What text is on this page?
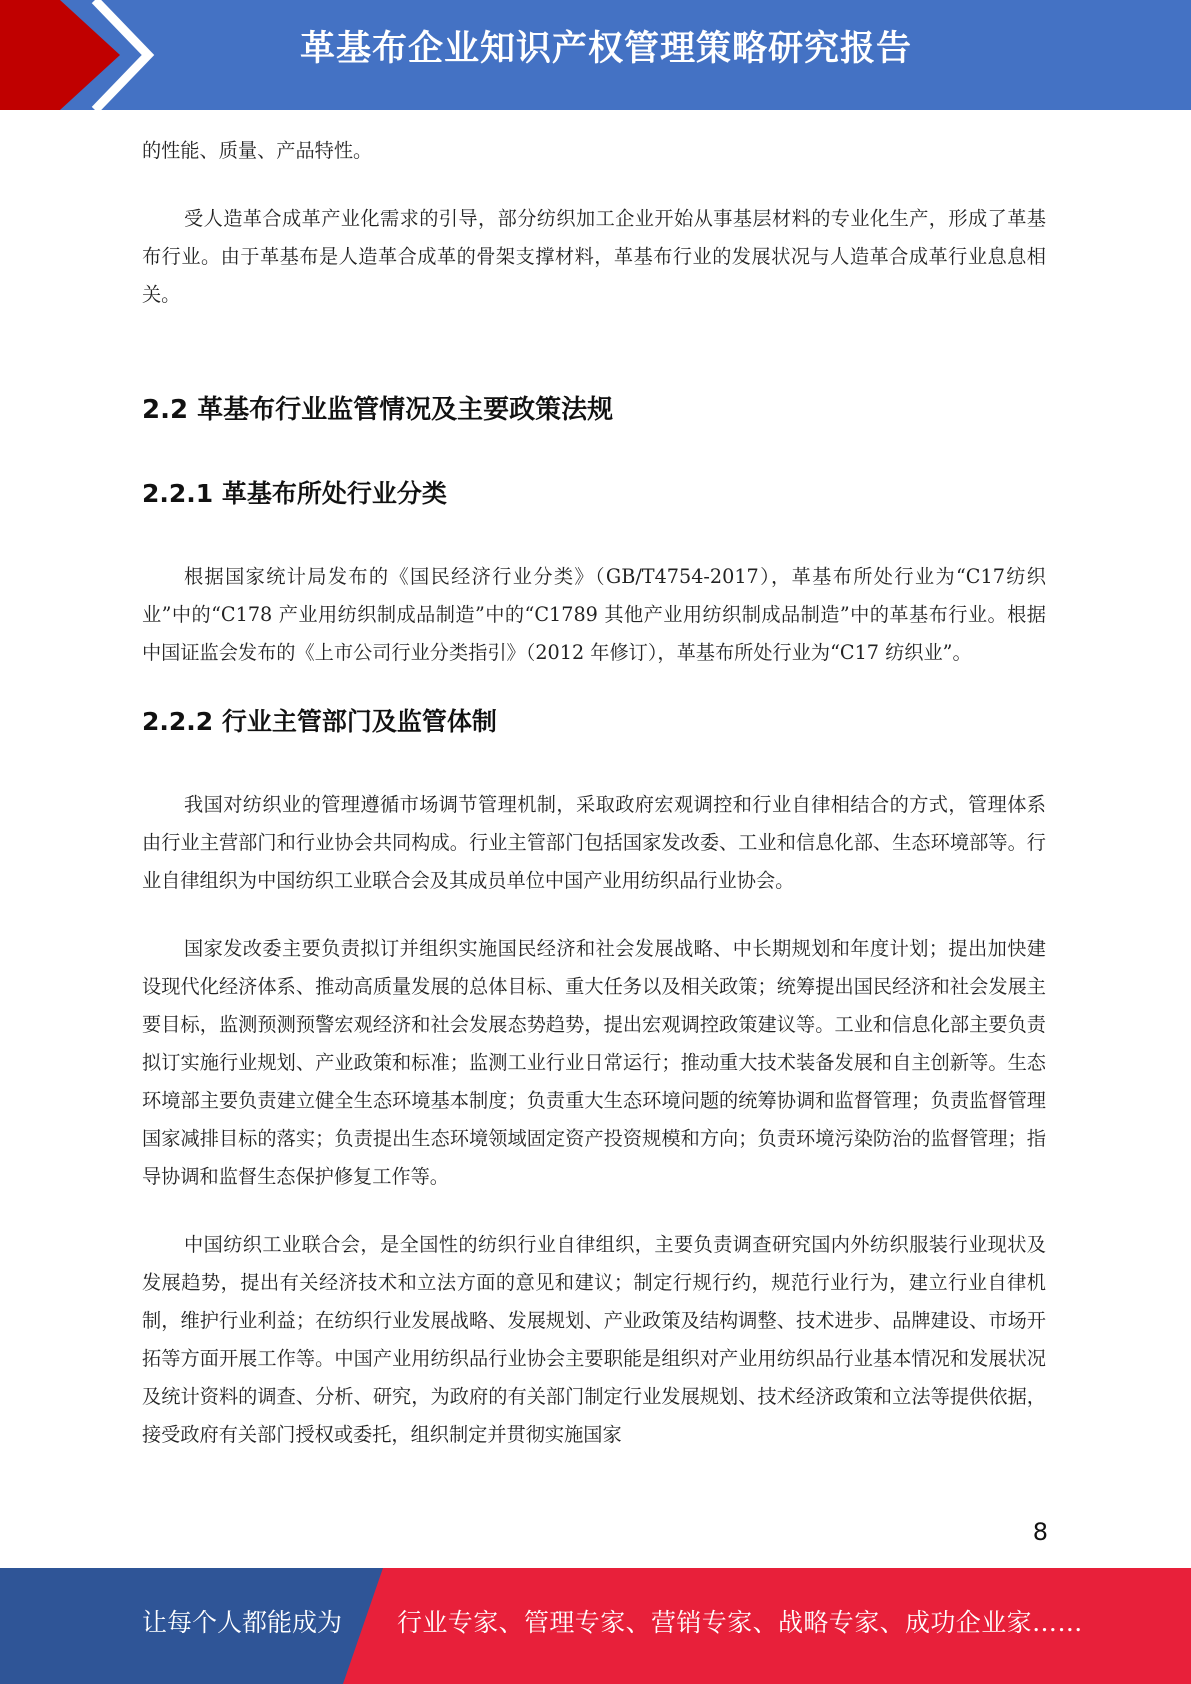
革基布企业知识产权管理策略研究报告

的性能、质量、产品特性。

受人造革合成革产业化需求的引导，部分纺织加工企业开始从事基层材料的专业化生产，形成了革基布行业。由于革基布是人造革合成革的骨架支撑材料，革基布行业的发展状况与人造革合成革行业息息相关。

2.2 革基布行业监管情况及主要政策法规
2.2.1 革基布所处行业分类

根据国家统计局发布的《国民经济行业分类》（GB/T4754-2017），革基布所处行业为“C17纺织业”中的“C178 产业用纺织制成品制造”中的“C1789 其他产业用纺织制成品制造”中的革基布行业。根据中国证监会发布的《上市公司行业分类指引》（2012 年修订），革基布所处行业为“C17 纺织业”。

2.2.2 行业主管部门及监管体制

我国对纺织业的管理遵循市场调节管理机制，采取政府宏观调控和行业自律相结合的方式，管理体系由行业主营部门和行业协会共同构成。行业主管部门包括国家发改委、工业和信息化部、生态环境部等。行业自律组织为中国纺织工业联合会及其成员单位中国产业用纺织品行业协会。

国家发改委主要负责拟订并组织实施国民经济和社会发展战略、中长期规划和年度计划；提出加快建设现代化经济体系、推动高质量发展的总体目标、重大任务以及相关政策；统筹提出国民经济和社会发展主要目标，监测预测预警宏观经济和社会发展态势趋势，提出宏观调控政策建议等。工业和信息化部主要负责拟订实施行业规划、产业政策和标准；监测工业行业日常运行；推动重大技术装备发展和自主创新等。生态环境部主要负责建立健全生态环境基本制度；负责重大生态环境问题的统筹协调和监督管理；负责监督管理国家减排目标的落实；负责提出生态环境领域固定资产投资规模和方向；负责环境污染防治的监督管理；指导协调和监督生态保护修复工作等。

中国纺织工业联合会，是全国性的纺织行业自律组织，主要负责调查研究国内外纺织服装行业现状及发展趋势，提出有关经济技术和立法方面的意见和建议；制定行规行约，规范行业行为，建立行业自律机制，维护行业利益；在纺织行业发展战略、发展规划、产业政策及结构调整、技术进步、品牌建设、市场开拓等方面开展工作等。中国产业用纺织品行业协会主要职能是组织对产业用纺织品行业基本情况和发展状况及统计资料的调查、分析、研究，为政府的有关部门制定行业发展规划、技术经济政策和立法等提供依据，接受政府有关部门授权或委托，组织制定并贯彻实施国家

8
让每个人都能成为 行业专家、管理专家、营销专家、战略专家、成功企业家……
